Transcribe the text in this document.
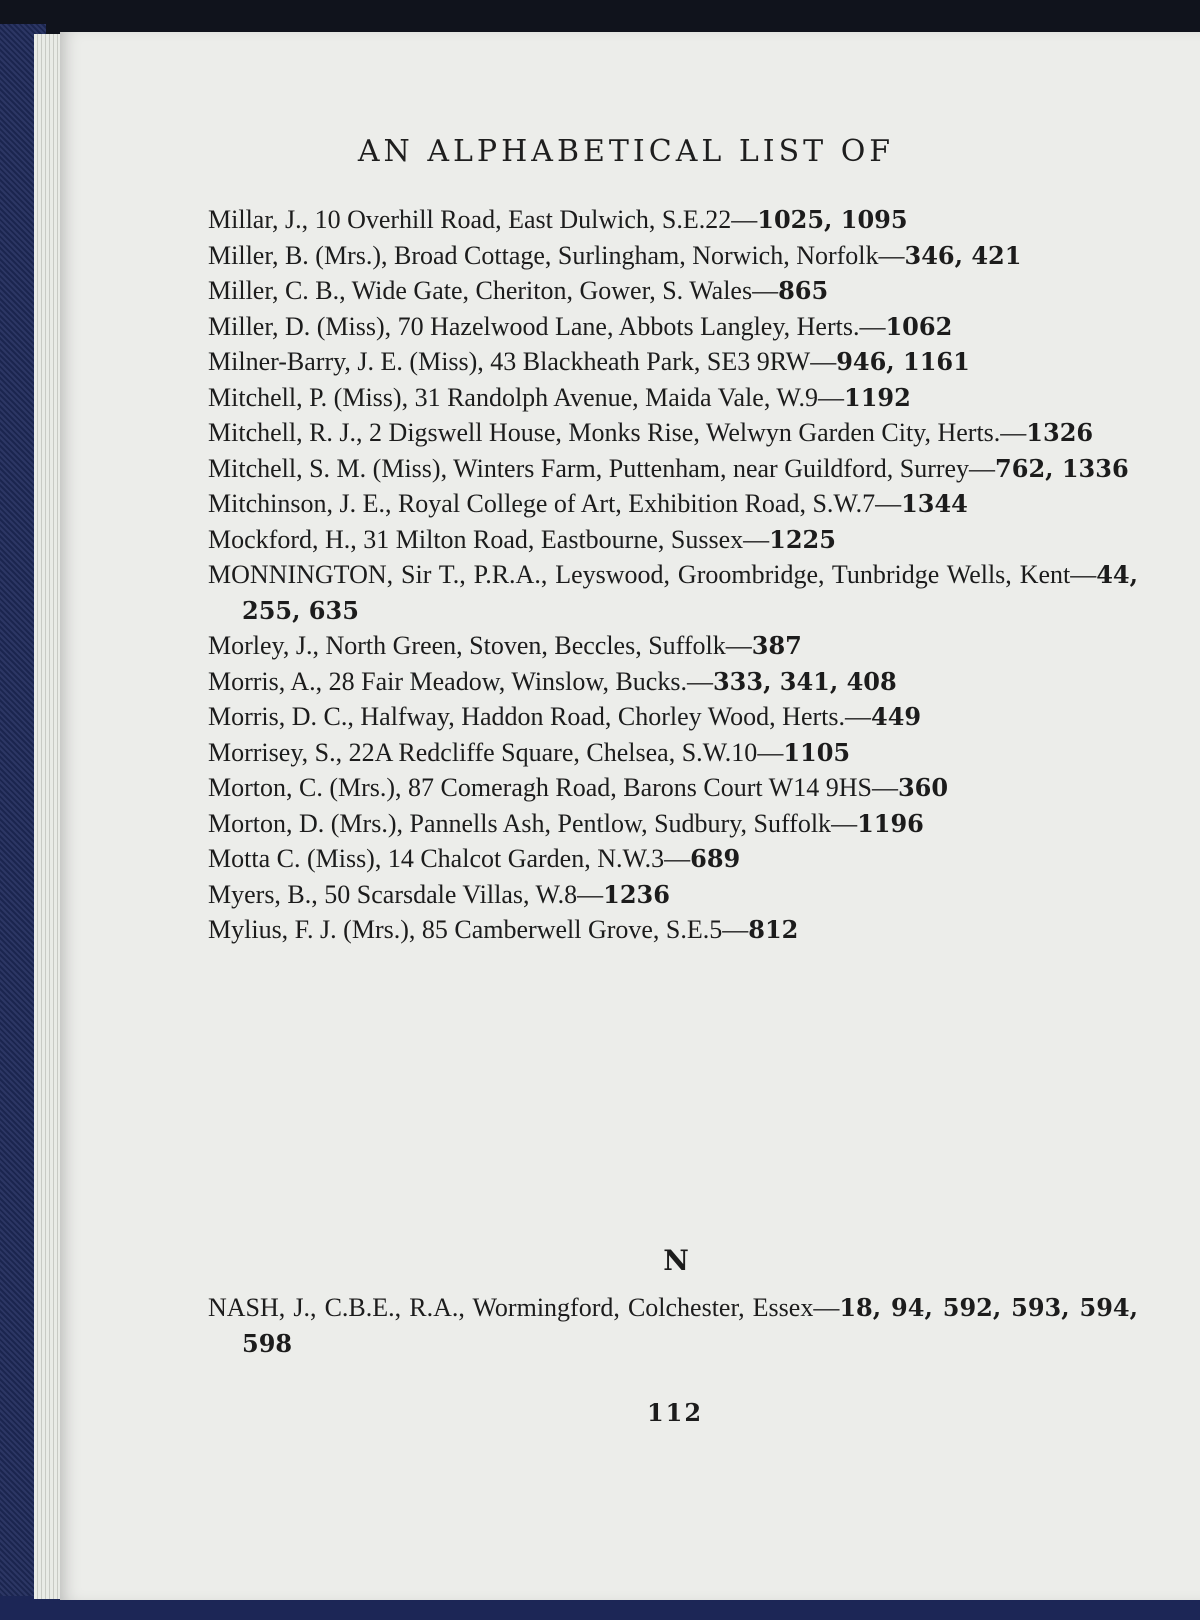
AN ALPHABETICAL LIST OF
Millar, J., 10 Overhill Road, East Dulwich, S.E.22—1025, 1095
Miller, B. (Mrs.), Broad Cottage, Surlingham, Norwich, Norfolk—346, 421
Miller, C. B., Wide Gate, Cheriton, Gower, S. Wales—865
Miller, D. (Miss), 70 Hazelwood Lane, Abbots Langley, Herts.—1062
Milner-Barry, J. E. (Miss), 43 Blackheath Park, SE3 9RW—946, 1161
Mitchell, P. (Miss), 31 Randolph Avenue, Maida Vale, W.9—1192
Mitchell, R. J., 2 Digswell House, Monks Rise, Welwyn Garden City, Herts.—1326
Mitchell, S. M. (Miss), Winters Farm, Puttenham, near Guildford, Surrey—762, 1336
Mitchinson, J. E., Royal College of Art, Exhibition Road, S.W.7—1344
Mockford, H., 31 Milton Road, Eastbourne, Sussex—1225
MONNINGTON, Sir T., P.R.A., Leyswood, Groombridge, Tunbridge Wells, Kent—44, 255, 635
Morley, J., North Green, Stoven, Beccles, Suffolk—387
Morris, A., 28 Fair Meadow, Winslow, Bucks.—333, 341, 408
Morris, D. C., Halfway, Haddon Road, Chorley Wood, Herts.—449
Morrisey, S., 22A Redcliffe Square, Chelsea, S.W.10—1105
Morton, C. (Mrs.), 87 Comeragh Road, Barons Court W14 9HS—360
Morton, D. (Mrs.), Pannells Ash, Pentlow, Sudbury, Suffolk—1196
Motta C. (Miss), 14 Chalcot Garden, N.W.3—689
Myers, B., 50 Scarsdale Villas, W.8—1236
Mylius, F. J. (Mrs.), 85 Camberwell Grove, S.E.5—812
N
NASH, J., C.B.E., R.A., Wormingford, Colchester, Essex—18, 94, 592, 593, 594, 598
112
